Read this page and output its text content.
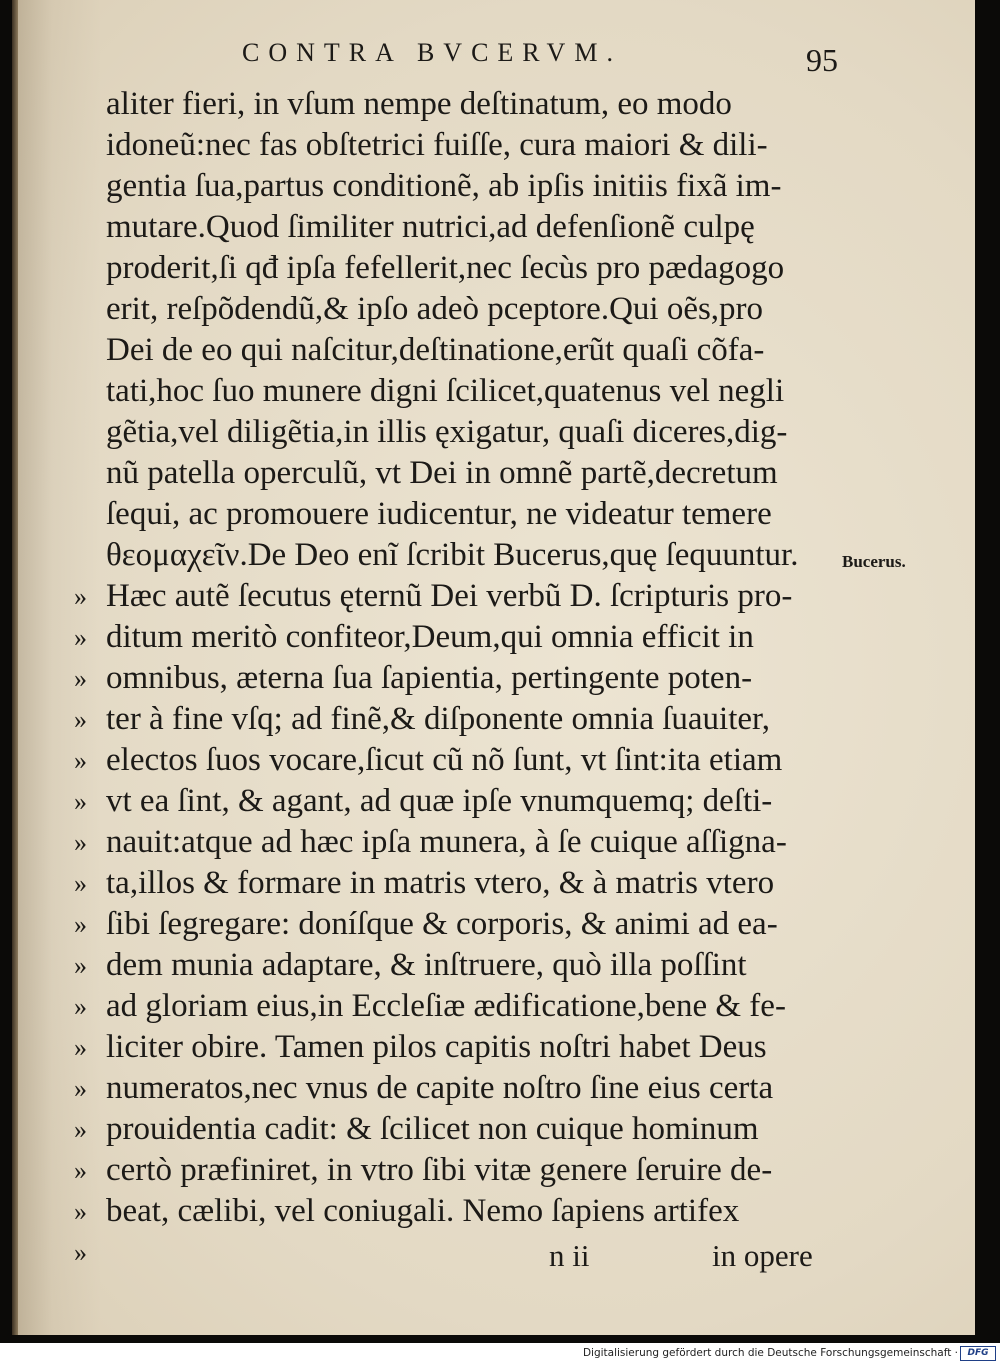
CONTRA BVCERVM.	95
aliter fieri, in vſum nempe deſtinatum, eo modo
idoneũ:nec fas obſtetrici fuiſſe, cura maiori & dili-
gentia ſua,partus conditionẽ, ab ipſis initiis fixã im-
mutare.Quod ſimiliter nutrici,ad defenſionẽ culpę
proderit,ſi qđ ipſa fefellerit,nec ſecùs pro pædagogo
erit, reſpõdendũ,& ipſo adeò pceptore.Qui oẽs,pro
Dei de eo qui naſcitur,deſtinatione,erũt quaſi cõfa-
tati,hoc ſuo munere digni ſcilicet,quatenus vel negli
gẽtia,vel diligẽtia,in illis ęxigatur, quaſi diceres,dig-
nũ patella operculũ, vt Dei in omnẽ partẽ,decretum
ſequi, ac promouere iudicentur, ne videatur temere
θεομαχεῖν.De Deo enĩ ſcribit Bucerus,quę ſequuntur.
Hæc autẽ ſecutus ęternũ Dei verbũ D. ſcripturis pro-
ditum meritò confiteor,Deum,qui omnia efficit in
omnibus, æterna ſua ſapientia, pertingente poten-
ter à fine vſq; ad finẽ,& diſponente omnia ſuauiter,
electos ſuos vocare,ſicut cũ nõ ſunt, vt ſint:ita etiam
vt ea ſint, & agant, ad quæ ipſe vnumquemq; deſti-
nauit:atque ad hæc ipſa munera, à ſe cuique aſſigna-
ta,illos & formare in matris vtero, & à matris vtero
ſibi ſegregare: doníſque & corporis, & animi ad ea-
dem munia adaptare, & inſtruere, quò illa poſſint
ad gloriam eius,in Eccleſiæ ædificatione,bene & fe-
liciter obire. Tamen pilos capitis noſtri habet Deus
numeratos,nec vnus de capite noſtro ſine eius certa
prouidentia cadit: & ſcilicet non cuique hominum
certò præfiniret, in vtro ſibi vitæ genere ſeruire de-
beat, cælibi, vel coniugali. Nemo ſapiens artifex
»
»
»
»
»
»
»
»
»
»
»
»
»
»
»
»
»
Bucerus.
n ii	in opere
Digitalisierung gefördert durch die Deutsche Forschungsgemeinschaft ·	DFG
